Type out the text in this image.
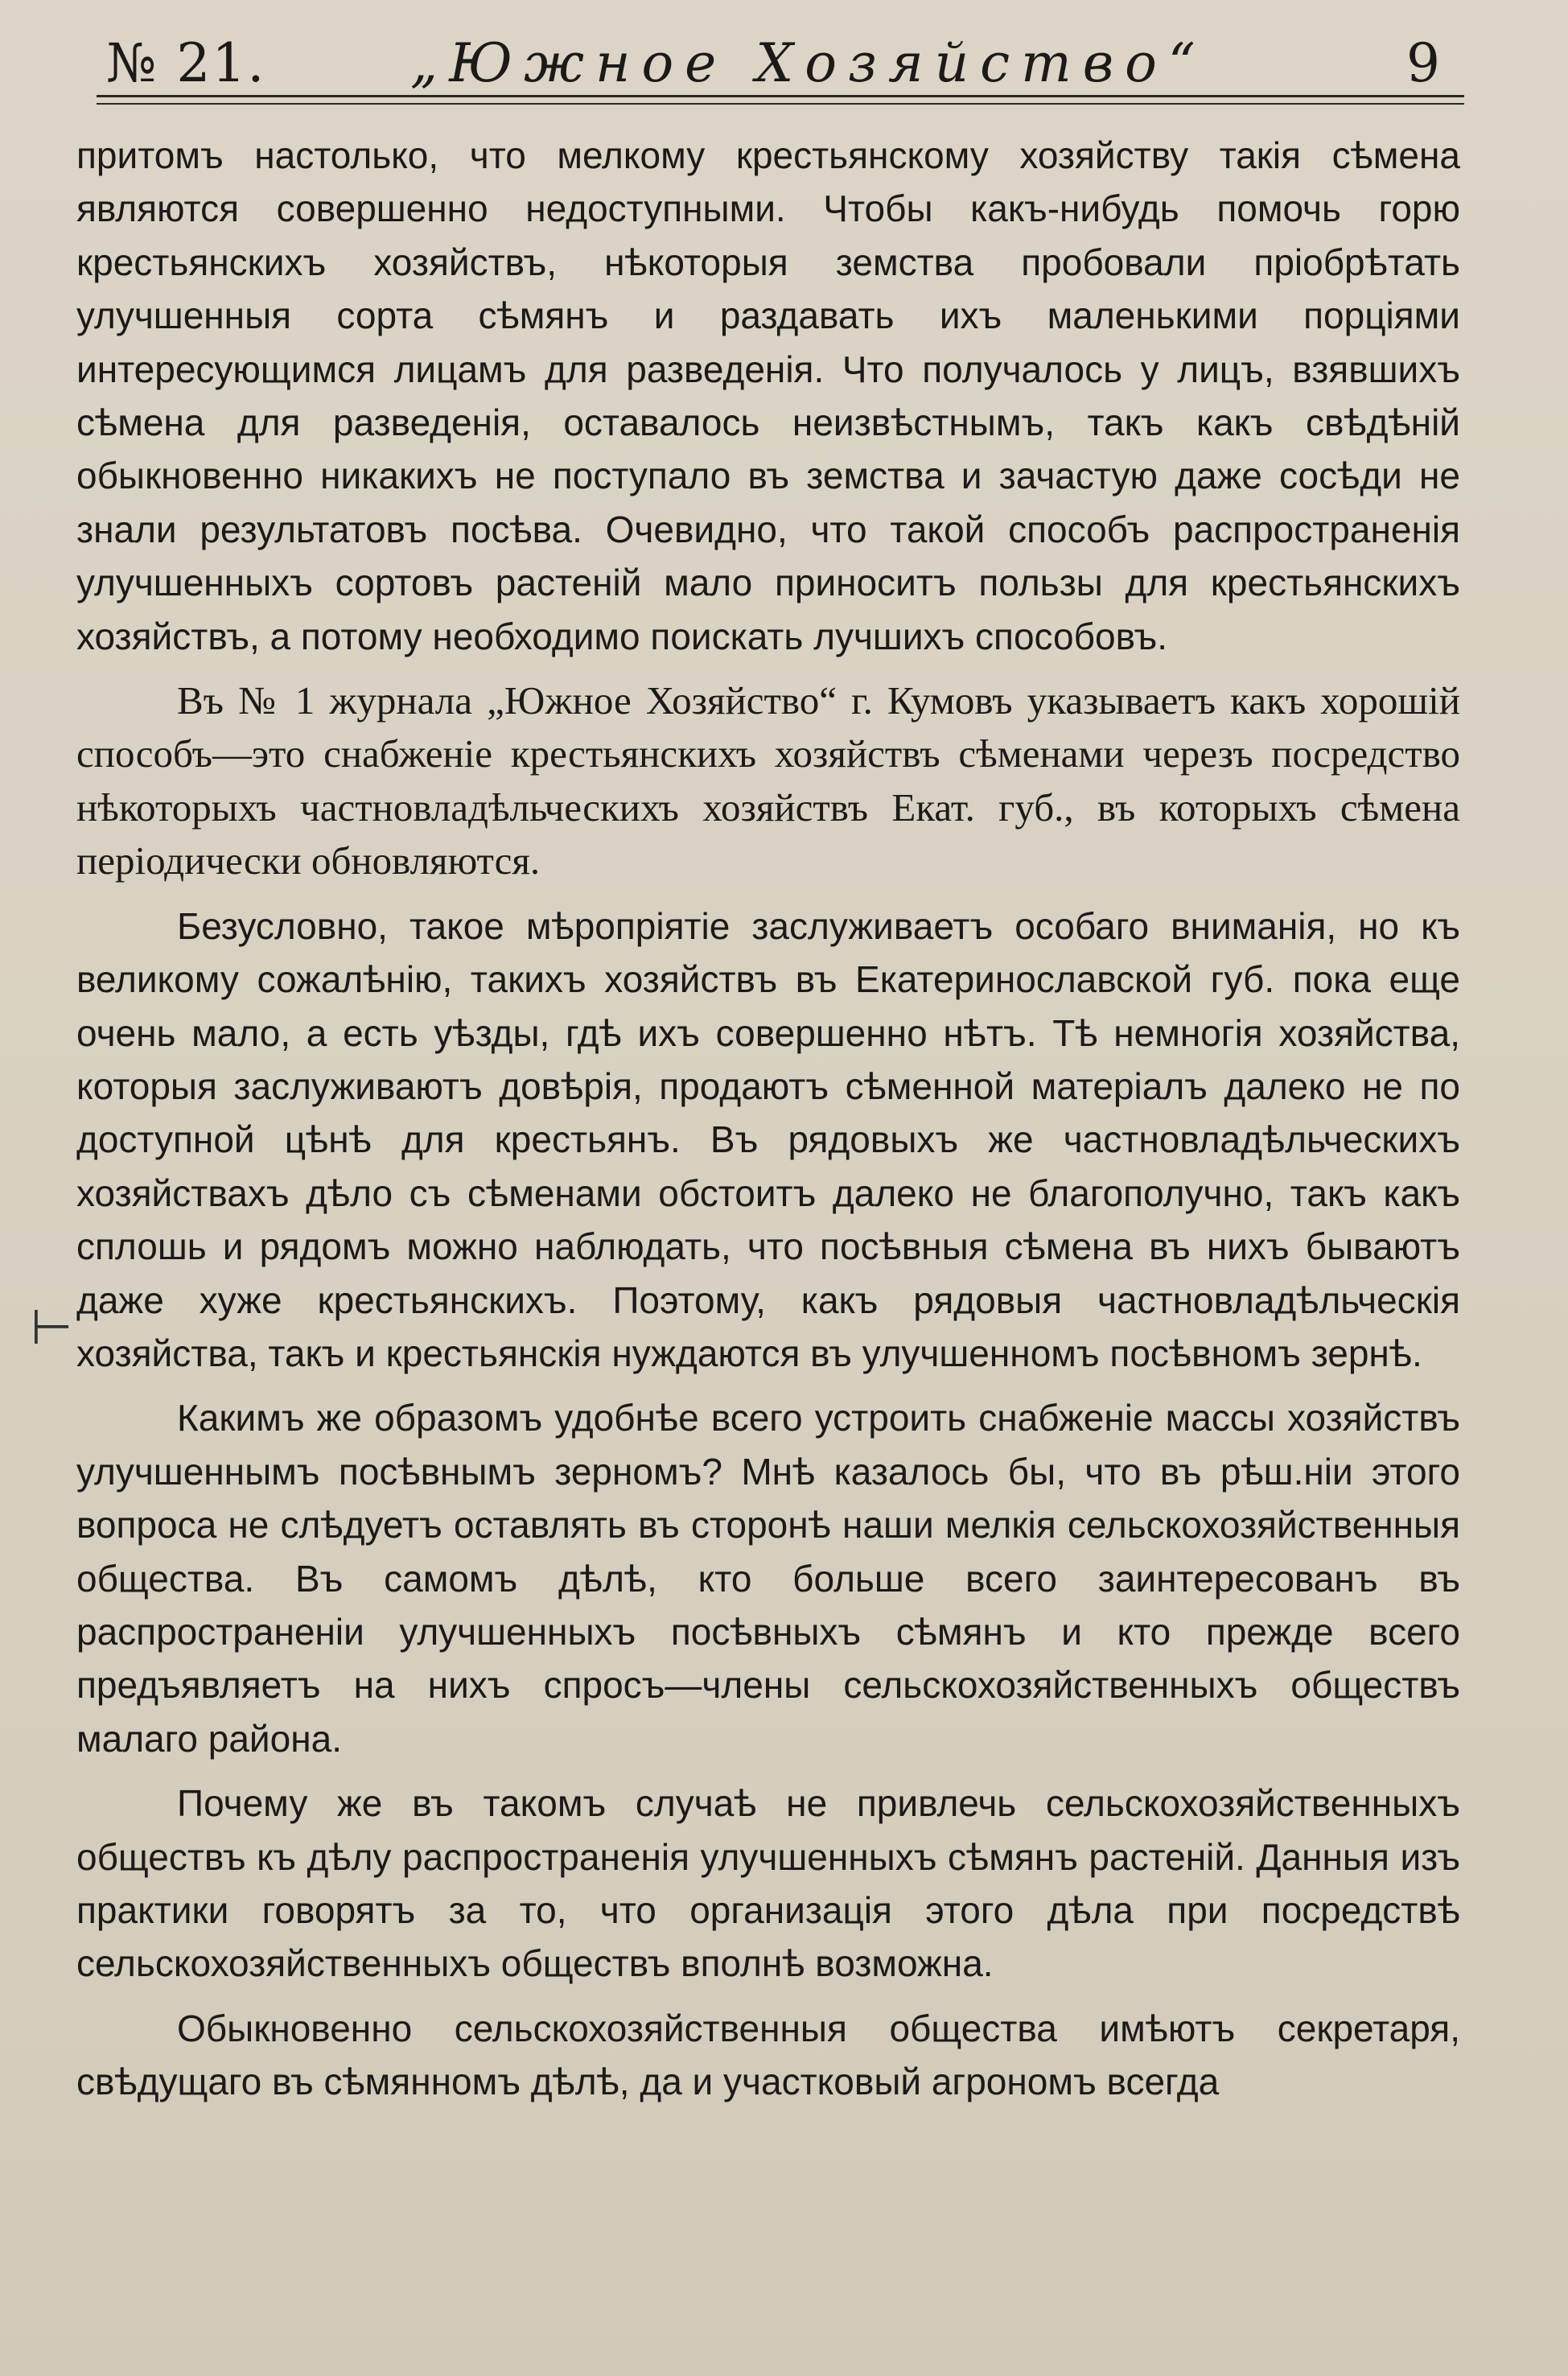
№ 21.	„Южное Хозяйство“	9
⊢

притомъ настолько, что мелкому крестьянскому хозяйству такія сѣмена являются совершенно недоступными. Чтобы какъ-нибудь помочь горю крестьянскихъ хозяйствъ, нѣкоторыя земства пробовали пріобрѣтать улучшенныя сорта сѣмянъ и раздавать ихъ маленькими порціями интересующимся лицамъ для разведенія. Что получалось у лицъ, взявшихъ сѣмена для разведенія, оставалось неизвѣстнымъ, такъ какъ свѣдѣній обыкновенно никакихъ не поступало въ земства и зачастую даже сосѣди не знали результатовъ посѣва. Очевидно, что такой способъ распространенія улучшенныхъ сортовъ растеній мало приноситъ пользы для крестьянскихъ хозяйствъ, а потому необходимо поискать лучшихъ способовъ.

Въ № 1 журнала „Южное Хозяйство“ г. Кумовъ указываетъ какъ хорошій способъ—это снабженіе крестьянскихъ хозяйствъ сѣменами черезъ посредство нѣкоторыхъ частновладѣльческихъ хозяйствъ Екат. губ., въ которыхъ сѣмена періодически обновляются.

Безусловно, такое мѣропріятіе заслуживаетъ особаго вниманія, но къ великому сожалѣнію, такихъ хозяйствъ въ Екатеринославской губ. пока еще очень мало, а есть уѣзды, гдѣ ихъ совершенно нѣтъ. Тѣ немногія хозяйства, которыя заслуживаютъ довѣрія, продаютъ сѣменной матеріалъ далеко не по доступной цѣнѣ для крестьянъ. Въ рядовыхъ же частновладѣльческихъ хозяйствахъ дѣло съ сѣменами обстоитъ далеко не благополучно, такъ какъ сплошь и рядомъ можно наблюдать, что посѣвныя сѣмена въ нихъ бываютъ даже хуже крестьянскихъ. Поэтому, какъ рядовыя частновладѣльческія хозяйства, такъ и крестьянскія нуждаются въ улучшенномъ посѣвномъ зернѣ.

Какимъ же образомъ удобнѣе всего устроить снабженіе массы хозяйствъ улучшеннымъ посѣвнымъ зерномъ? Мнѣ казалось бы, что въ рѣш.нiи этого вопроса не слѣдуетъ оставлять въ сторонѣ наши мелкія сельскохозяйственныя общества. Въ самомъ дѣлѣ, кто больше всего заинтересованъ въ распространеніи улучшенныхъ посѣвныхъ сѣмянъ и кто прежде всего предъявляетъ на нихъ спросъ—члены сельскохозяйственныхъ обществъ малаго района.

Почему же въ такомъ случаѣ не привлечь сельскохозяйственныхъ обществъ къ дѣлу распространенія улучшенныхъ сѣмянъ растеній. Данныя изъ практики говорятъ за то, что организація этого дѣла при посредствѣ сельскохозяйственныхъ обществъ вполнѣ возможна.

Обыкновенно сельскохозяйственныя общества имѣютъ секретаря, свѣдущаго въ сѣмянномъ дѣлѣ, да и участковый агрономъ всегда
